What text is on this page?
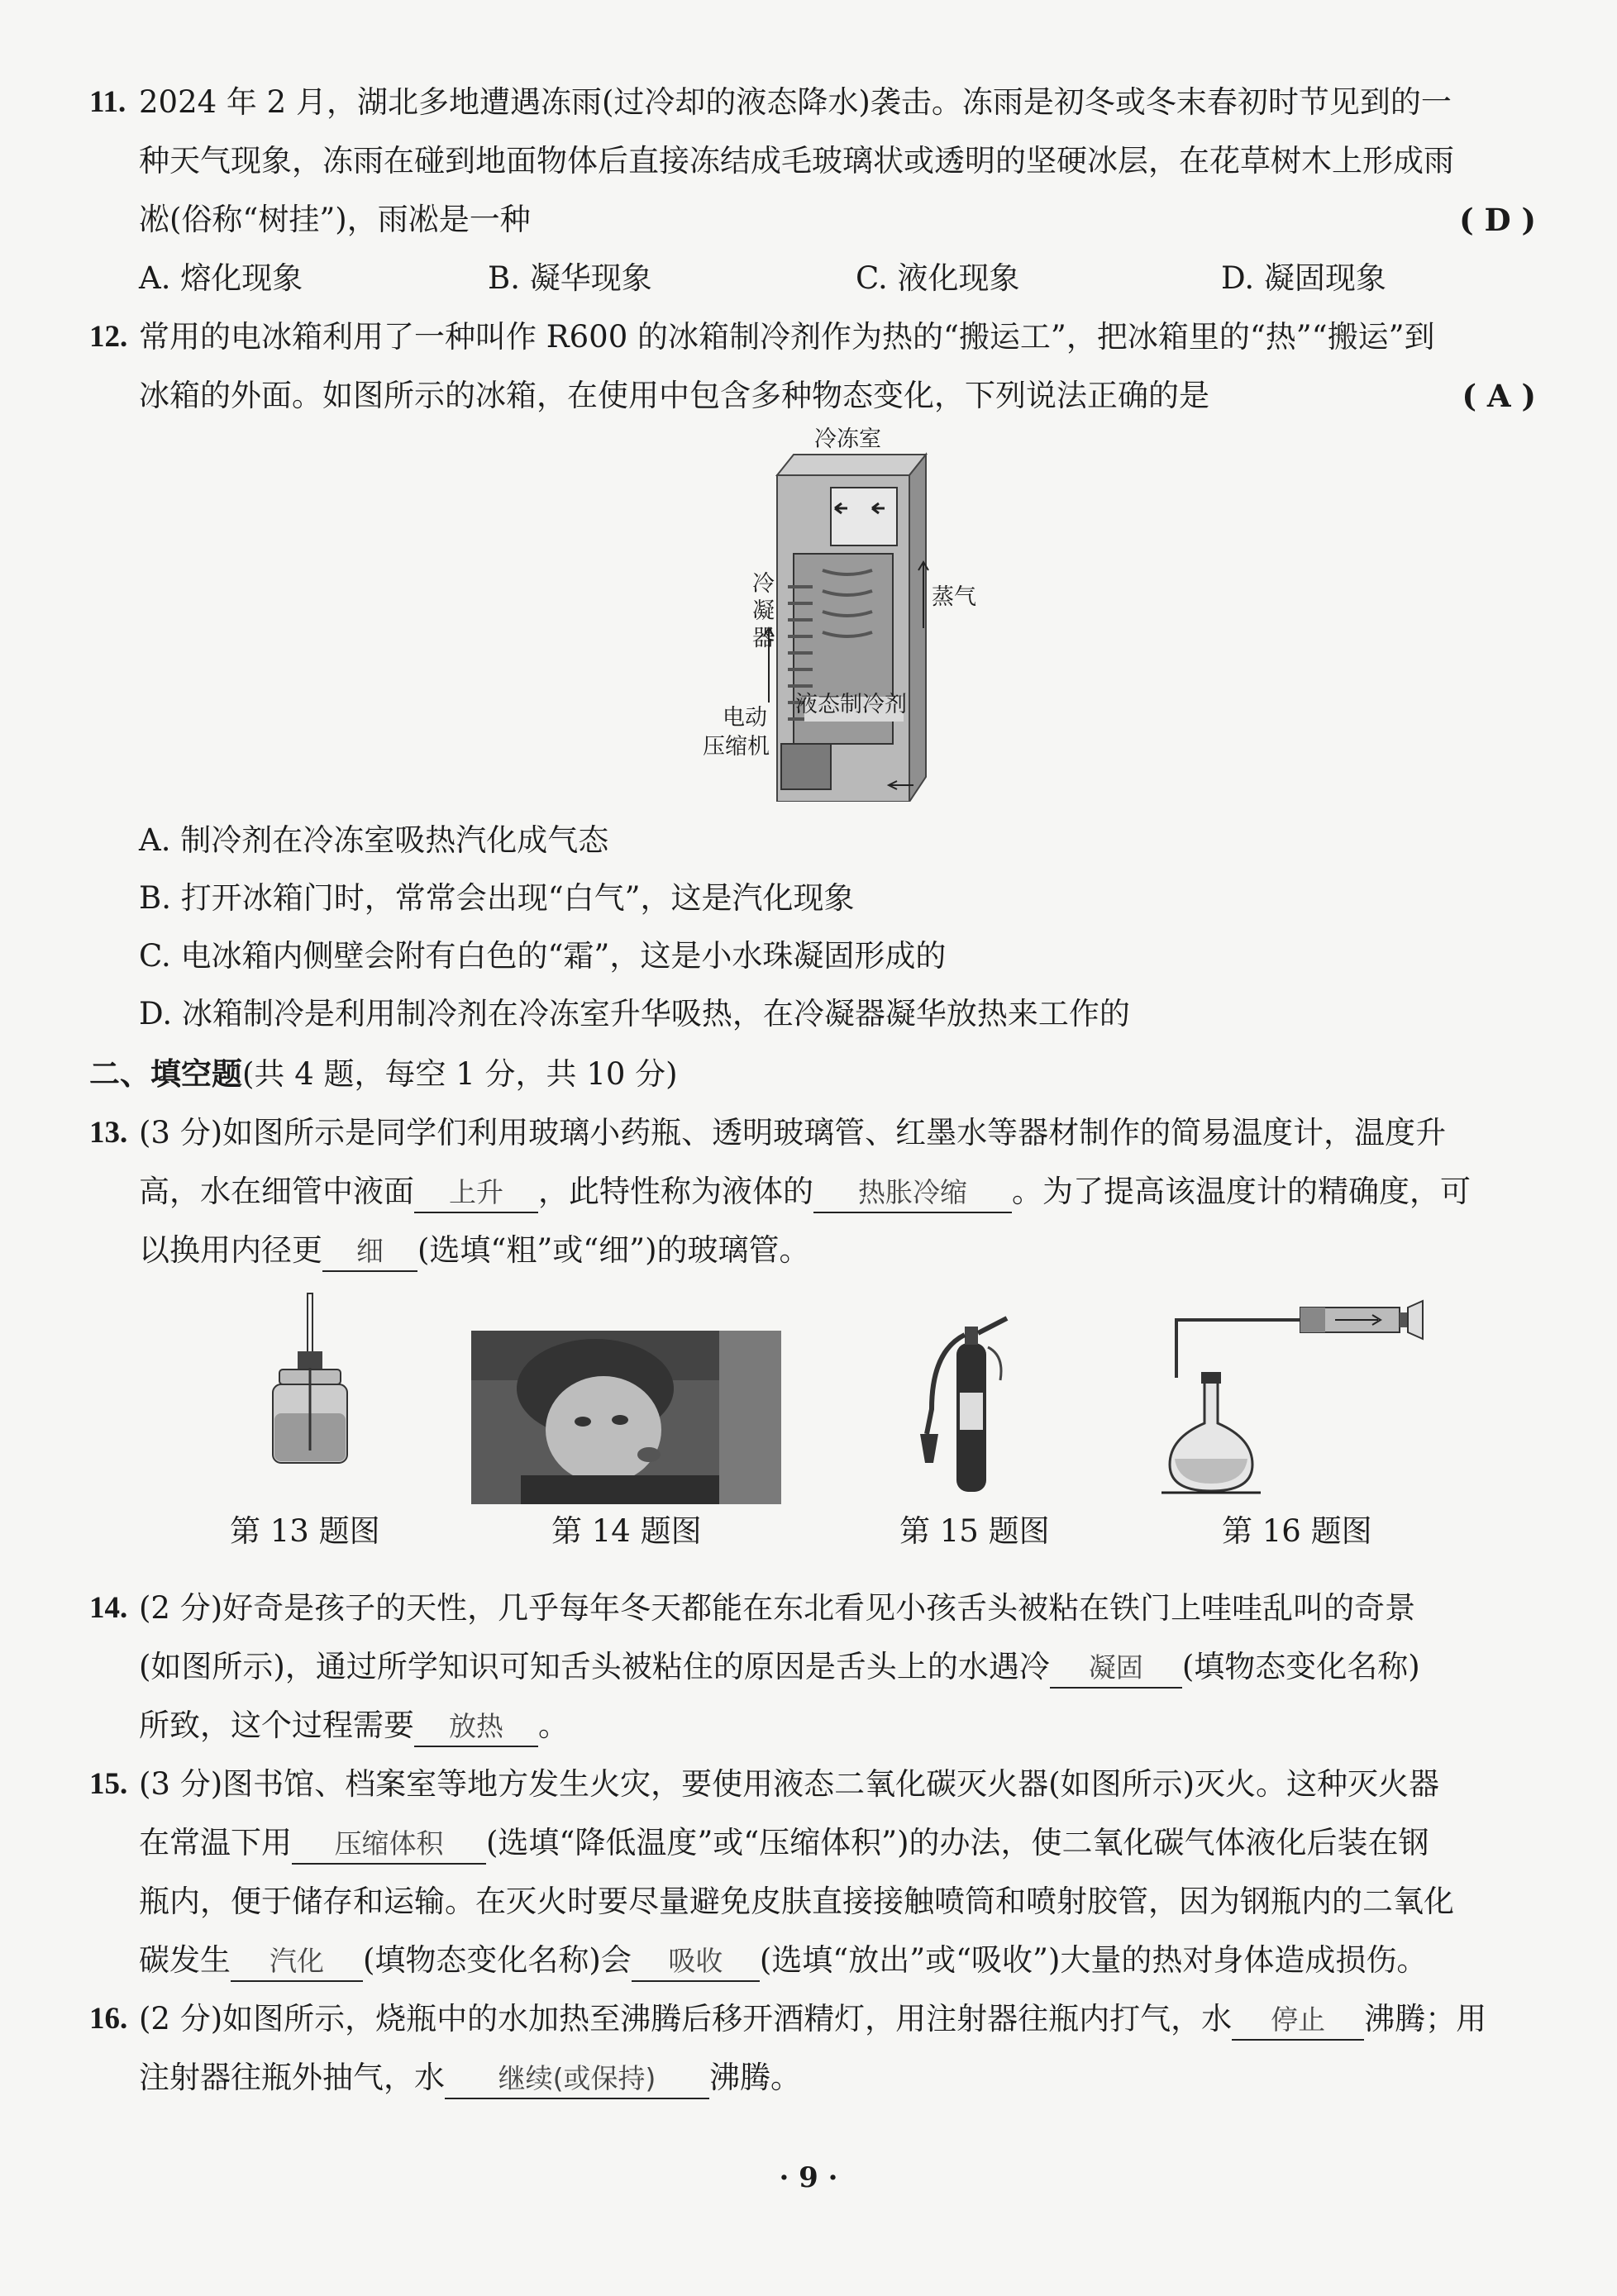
11. 2024 年 2 月，湖北多地遭遇冻雨(过冷却的液态降水)袭击。冻雨是初冬或冬末春初时节见到的一
种天气现象，冻雨在碰到地面物体后直接冻结成毛玻璃状或透明的坚硬冰层，在花草树木上形成雨
凇(俗称“树挂”)，雨凇是一种	( D )
A. 熔化现象	B. 凝华现象	C. 液化现象	D. 凝固现象
12. 常用的电冰箱利用了一种叫作 R600 的冰箱制冷剂作为热的“搬运工”，把冰箱里的“热”“搬运”到
冰箱的外面。如图所示的冰箱，在使用中包含多种物态变化，下列说法正确的是	( A )
冷冻室
冷
凝
器
蒸气
液态制冷剂
电动
压缩机
A. 制冷剂在冷冻室吸热汽化成气态
B. 打开冰箱门时，常常会出现“白气”，这是汽化现象
C. 电冰箱内侧壁会附有白色的“霜”，这是小水珠凝固形成的
D. 冰箱制冷是利用制冷剂在冷冻室升华吸热，在冷凝器凝华放热来工作的
二、填空题(共 4 题，每空 1 分，共 10 分)
13. (3 分)如图所示是同学们利用玻璃小药瓶、透明玻璃管、红墨水等器材制作的简易温度计，温度升
高，水在细管中液面 上升 ，此特性称为液体的 热胀冷缩 。为了提高该温度计的精确度，可
以换用内径更 细 (选填“粗”或“细”)的玻璃管。
第 13 题图	第 14 题图	第 15 题图	第 16 题图
14. (2 分)好奇是孩子的天性，几乎每年冬天都能在东北看见小孩舌头被粘在铁门上哇哇乱叫的奇景
(如图所示)，通过所学知识可知舌头被粘住的原因是舌头上的水遇冷 凝固 (填物态变化名称)
所致，这个过程需要 放热 。
15. (3 分)图书馆、档案室等地方发生火灾，要使用液态二氧化碳灭火器(如图所示)灭火。这种灭火器
在常温下用 压缩体积 (选填“降低温度”或“压缩体积”)的办法，使二氧化碳气体液化后装在钢
瓶内，便于储存和运输。在灭火时要尽量避免皮肤直接接触喷筒和喷射胶管，因为钢瓶内的二氧化
碳发生 汽化 (填物态变化名称)会 吸收 (选填“放出”或“吸收”)大量的热对身体造成损伤。
16. (2 分)如图所示，烧瓶中的水加热至沸腾后移开酒精灯，用注射器往瓶内打气，水 停止 沸腾；用
注射器往瓶外抽气，水 继续(或保持) 沸腾。
· 9 ·
